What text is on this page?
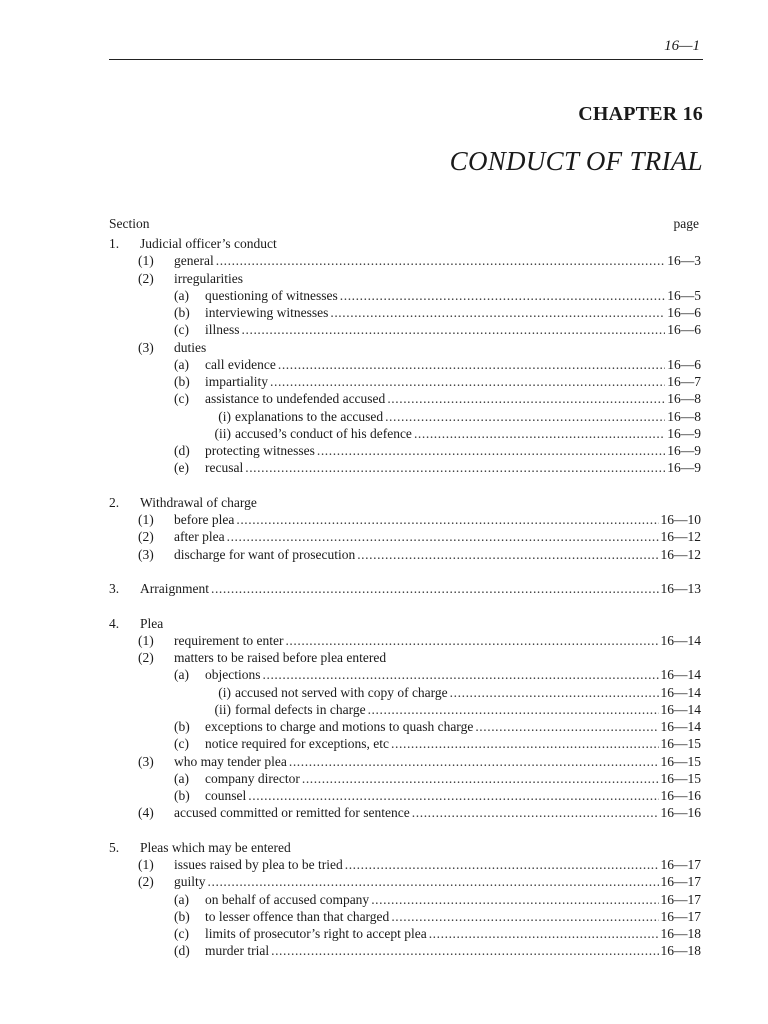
16—1
CHAPTER 16
CONDUCT OF TRIAL
Section	page
1. Judicial officer’s conduct
(1) general .....	16—3
(2) irregularities
(a) questioning of witnesses .....	16—5
(b) interviewing witnesses .....	16—6
(c) illness .....	16—6
(3) duties
(a) call evidence .....	16—6
(b) impartiality .....	16—7
(c) assistance to undefended accused .....	16—8
(i) explanations to the accused .....	16—8
(ii) accused’s conduct of his defence .....	16—9
(d) protecting witnesses .....	16—9
(e) recusal .....	16—9
2. Withdrawal of charge
(1) before plea .....	16—10
(2) after plea .....	16—12
(3) discharge for want of prosecution .....	16—12
3. Arraignment .....	16—13
4. Plea
(1) requirement to enter .....	16—14
(2) matters to be raised before plea entered
(a) objections .....	16—14
(i) accused not served with copy of charge .....	16—14
(ii) formal defects in charge .....	16—14
(b) exceptions to charge and motions to quash charge .....	16—14
(c) notice required for exceptions, etc .....	16—15
(3) who may tender plea .....	16—15
(a) company director .....	16—15
(b) counsel .....	16—16
(4) accused committed or remitted for sentence .....	16—16
5. Pleas which may be entered
(1) issues raised by plea to be tried .....	16—17
(2) guilty .....	16—17
(a) on behalf of accused company .....	16—17
(b) to lesser offence than that charged .....	16—17
(c) limits of prosecutor’s right to accept plea .....	16—18
(d) murder trial .....	16—18
